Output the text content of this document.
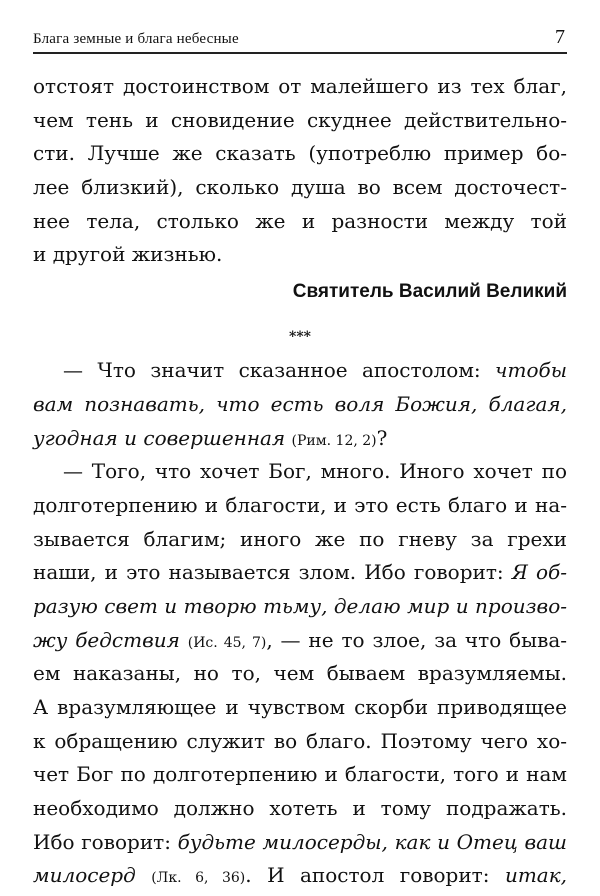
Блага земные и блага небесные	7
отстоят достоинством от малейшего из тех благ,
чем тень и сновидение скуднее действительно-
сти. Лучше же сказать (употреблю пример бо-
лее близкий), сколько душа во всем досточест-
нее тела, столько же и разности между той
и другой жизнью.
Святитель Василий Великий
***
— Что значит сказанное апостолом: чтобы
вам познавать, что есть воля Божия, благая,
угодная и совершенная (Рим. 12, 2)?
— Того, что хочет Бог, много. Иного хочет по
долготерпению и благости, и это есть благо и на-
зывается благим; иного же по гневу за грехи
наши, и это называется злом. Ибо говорит: Я об-
разую свет и творю тьму, делаю мир и произво-
жу бедствия (Ис. 45, 7), — не то злое, за что бывa-
ем наказаны, но то, чем бываем вразумляемы.
А вразумляющее и чувством скорби приводящее
к обращению служит во благо. Поэтому чего хо-
чет Бог по долготерпению и благости, того и нам
необходимо должно хотеть и тому подражать.
Ибо говорит: будьте милосерды, как и Отец ваш
милосерд (Лк. 6, 36). И апостол говорит: итак,
